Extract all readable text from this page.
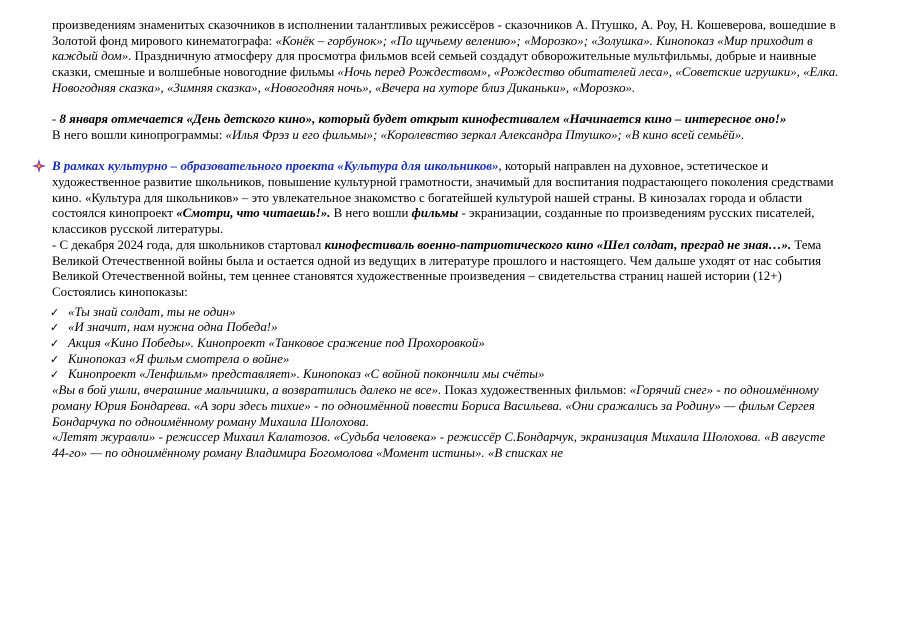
произведениям знаменитых сказочников в исполнении талантливых режиссёров - сказочников А. Птушко, А. Роу, Н. Кошеверова, вошедшие в Золотой фонд мирового кинематографа: «Конёк – горбунок»; «По щучьему велению»; «Морозко»; «Золушка». Кинопоказ «Мир приходит в каждый дом». Праздничную атмосферу для просмотра фильмов всей семьей создадут обворожительные мультфильмы, добрые и наивные сказки, смешные и волшебные новогодние фильмы «Ночь перед Рождеством», «Рождество обитателей леса», «Советские игрушки», «Елка. Новогодняя сказка», «Зимняя сказка», «Новогодняя ночь», «Вечера на хуторе близ Диканьки», «Морозко».

- 8 января отмечается «День детского кино», который будет открыт кинофестивалем «Начинается кино – интересное оно!»

В него вошли кинопрограммы: «Илья Фрэз и его фильмы»; «Королевство зеркал Александра Птушко»; «В кино всей семьёй».

В рамках культурно – образовательного проекта «Культура для школьников», который направлен на духовное, эстетическое и художественное развитие школьников, повышение культурной грамотности, значимый для воспитания подрастающего поколения средствами кино. «Культура для школьников» – это увлекательное знакомство с богатейшей культурой нашей страны. В кинозалах города и области состоялся кинопроект «Смотри, что читаешь!». В него вошли фильмы - экранизации, созданные по произведениям русских писателей, классиков русской литературы.

- С декабря 2024 года, для школьников стартовал кинофестиваль военно-патриотического кино «Шел солдат, преград не зная…». Тема Великой Отечественной войны была и остается одной из ведущих в литературе прошлого и настоящего. Чем дальше уходят от нас события Великой Отечественной войны, тем ценнее становятся художественные произведения – свидетельства страниц нашей истории (12+)

Состоялись кинопоказы:

✓ «Ты знай солдат, ты не один»
✓ «И значит, нам нужна одна Победа!»
✓ Акция «Кино Победы». Кинопроект «Танковое сражение под Прохоровкой»
✓ Кинопоказ «Я фильм смотрела о войне»
✓ Кинопроект «Ленфильм» представляет». Кинопоказ «С войной покончили мы счёты»

«Вы в бой ушли, вчерашние мальчишки, а возвратились далеко не все». Показ художественных фильмов: «Горячий снег» - по одноимённому роману Юрия Бондарева. «А зори здесь тихие» - по одноимённой повести Бориса Васильева. «Они сражались за Родину» — фильм Сергея Бондарчука по одноимённому роману Михаила Шолохова.

«Летят журавли» - режиссер Михаил Калатозов. «Судьба человека» - режиссёр С.Бондарчук, экранизация Михаила Шолохова. «В августе 44-го» — по одноимённому роману Владимира Богомолова «Момент истины». «В списках не
